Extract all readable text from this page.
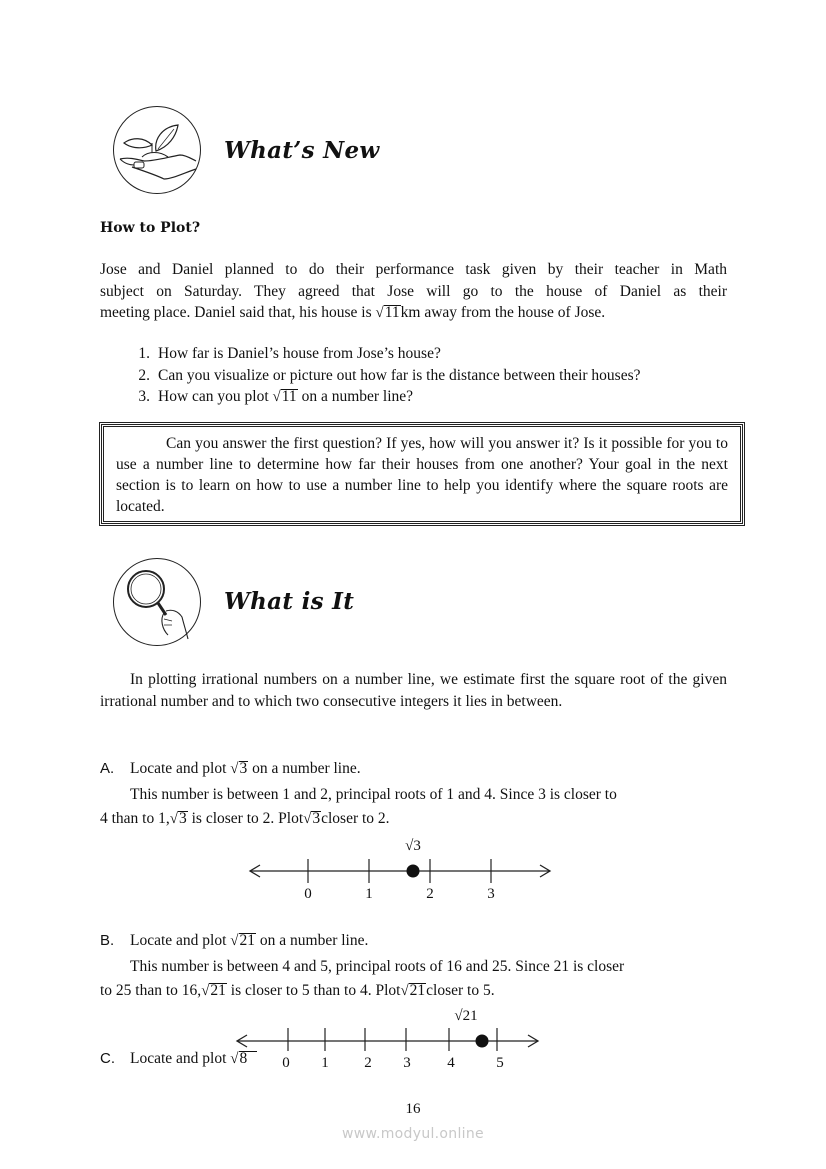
What’s New
How to Plot?
Jose and Daniel planned to do their performance task given by their teacher in Math
subject on Saturday. They agreed that Jose will go to the house of Daniel as their
meeting place. Daniel said that, his house is √11km away from the house of Jose.
1. How far is Daniel’s house from Jose’s house?
2. Can you visualize or picture out how far is the distance between their houses?
3. How can you plot √11 on a number line?
Can you answer the first question? If yes, how will you answer it? Is it possible for you to use a number line to determine how far their houses from one another? Your goal in the next section is to learn on how to use a number line to help you identify where the square roots are located.
What is It
In plotting irrational numbers on a number line, we estimate first the square root of the given irrational number and to which two consecutive integers it lies in between.
A. Locate and plot √3 on a number line.
This number is between 1 and 2, principal roots of 1 and 4. Since 3 is closer to
4 than to 1,√3 is closer to 2. Plot√3closer to 2.
√3
0	1	2	3
B. Locate and plot √21 on a number line.
This number is between 4 and 5, principal roots of 16 and 25. Since 21 is closer
to 25 than to 16,√21 is closer to 5 than to 4. Plot√21closer to 5.
√21
0 1 2 3 4	5
C. Locate and plot √8
16
www.modyul.online
